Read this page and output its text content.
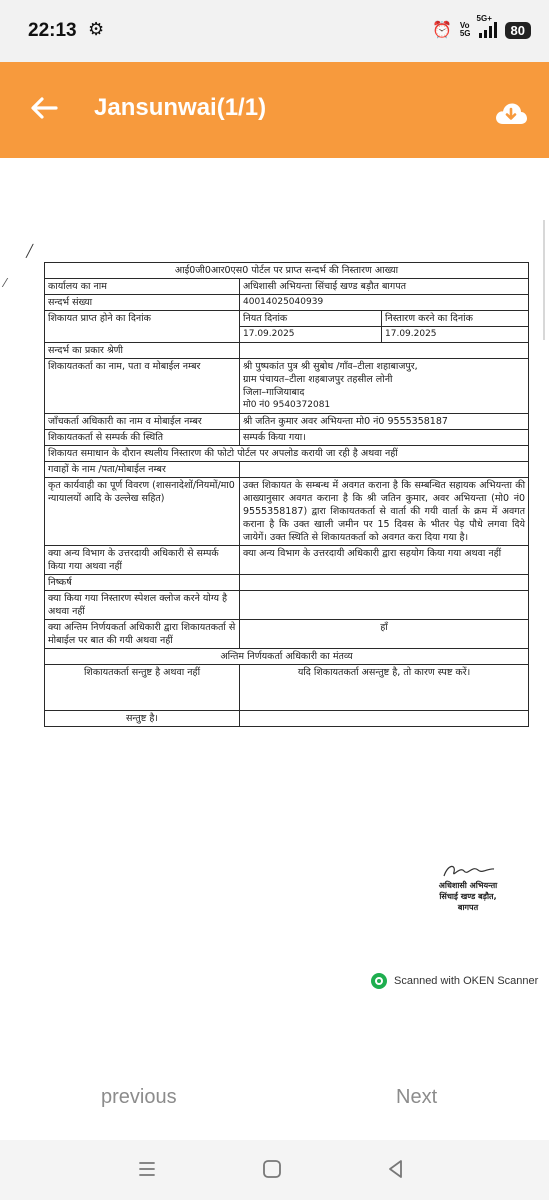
22:13 ⚙	⏰ Vo
5G
5G+
80
Jansunwai(1/1)
╱
⁄
आई0जी0आर0एस0 पोर्टल पर प्राप्त सन्दर्भ की निस्तारण आख्या		
कार्यालय का नाम	अधिशासी अभियन्ता सिंचाई खण्ड बड़ौत बागपत	
सन्दर्भ संख्या	40014025040939	
शिकायत प्राप्त होने का दिनांक	नियत दिनांक	निस्तारण करने का दिनांक
	17.09.2025	17.09.2025
सन्दर्भ का प्रकार श्रेणी		
शिकायतकर्ता का नाम, पता व मोबाईल नम्बर	श्री पुष्पकांत पुत्र श्री सुबोध /गाँव–टीला शहाबाजपुर,
ग्राम पंचायत–टीला शहबाजपुर तहसील लोनी
जिला–गाजियाबाद
मो0 नं0 9540372081	

जाँचकर्ता अधिकारी का नाम व मोबाईल नम्बर	श्री जतिन कुमार अवर अभियन्ता मो0 नं0 9555358187	
शिकायतकर्ता से सम्पर्क की स्थिति	सम्पर्क किया गया।	
शिकायत समाधान के दौरान स्थलीय निस्तारण की फोटो पोर्टल पर अपलोड करायी जा रही है अथवा नहीं		
गवाहों के नाम /पता/मोबाईल नम्बर		
कृत कार्यवाही का पूर्ण विवरण (शासनादेशों/नियमों/मा0 न्यायालयों आदि के उल्लेख सहित)	उक्त शिकायत के सम्बन्ध में अवगत कराना है कि सम्बन्धित सहायक अभियन्ता की आख्यानुसार अवगत कराना है कि श्री जतिन कुमार, अवर अभियन्ता (मो0 नं0 9555358187) द्वारा शिकायतकर्ता से वार्ता की गयी वार्ता के क्रम में अवगत कराना है कि उक्त खाली जमीन पर 15 दिवस के भीतर पेड़ पौधे लगवा दिये जायेगें। उक्त स्थिति से शिकायतकर्ता को अवगत करा दिया गया है।	
क्या अन्य विभाग के उत्तरदायी अधिकारी से सम्पर्क किया गया अथवा नहीं	क्या अन्य विभाग के उत्तरदायी अधिकारी द्वारा सहयोग किया गया अथवा नहीं	
निष्कर्ष		
क्या किया गया निस्तारण स्पेशल क्लोज करने योग्य है अथवा नहीं		
क्या अन्तिम निर्णयकर्ता अधिकारी द्वारा शिकायतकर्ता से मोबाईल पर बात की गयी अथवा नहीं	हाँ	
अन्तिम निर्णयकर्ता अधिकारी का मंतव्य		
शिकायतकर्ता सन्तुष्ट है अथवा नहीं	यदि शिकायतकर्ता असन्तुष्ट है, तो कारण स्पष्ट करें।	
सन्तुष्ट है।		
अधिशासी अभियन्ता
सिंचाई खण्ड बड़ौत,
बागपत
Scanned with OKEN Scanner
previous	Next
